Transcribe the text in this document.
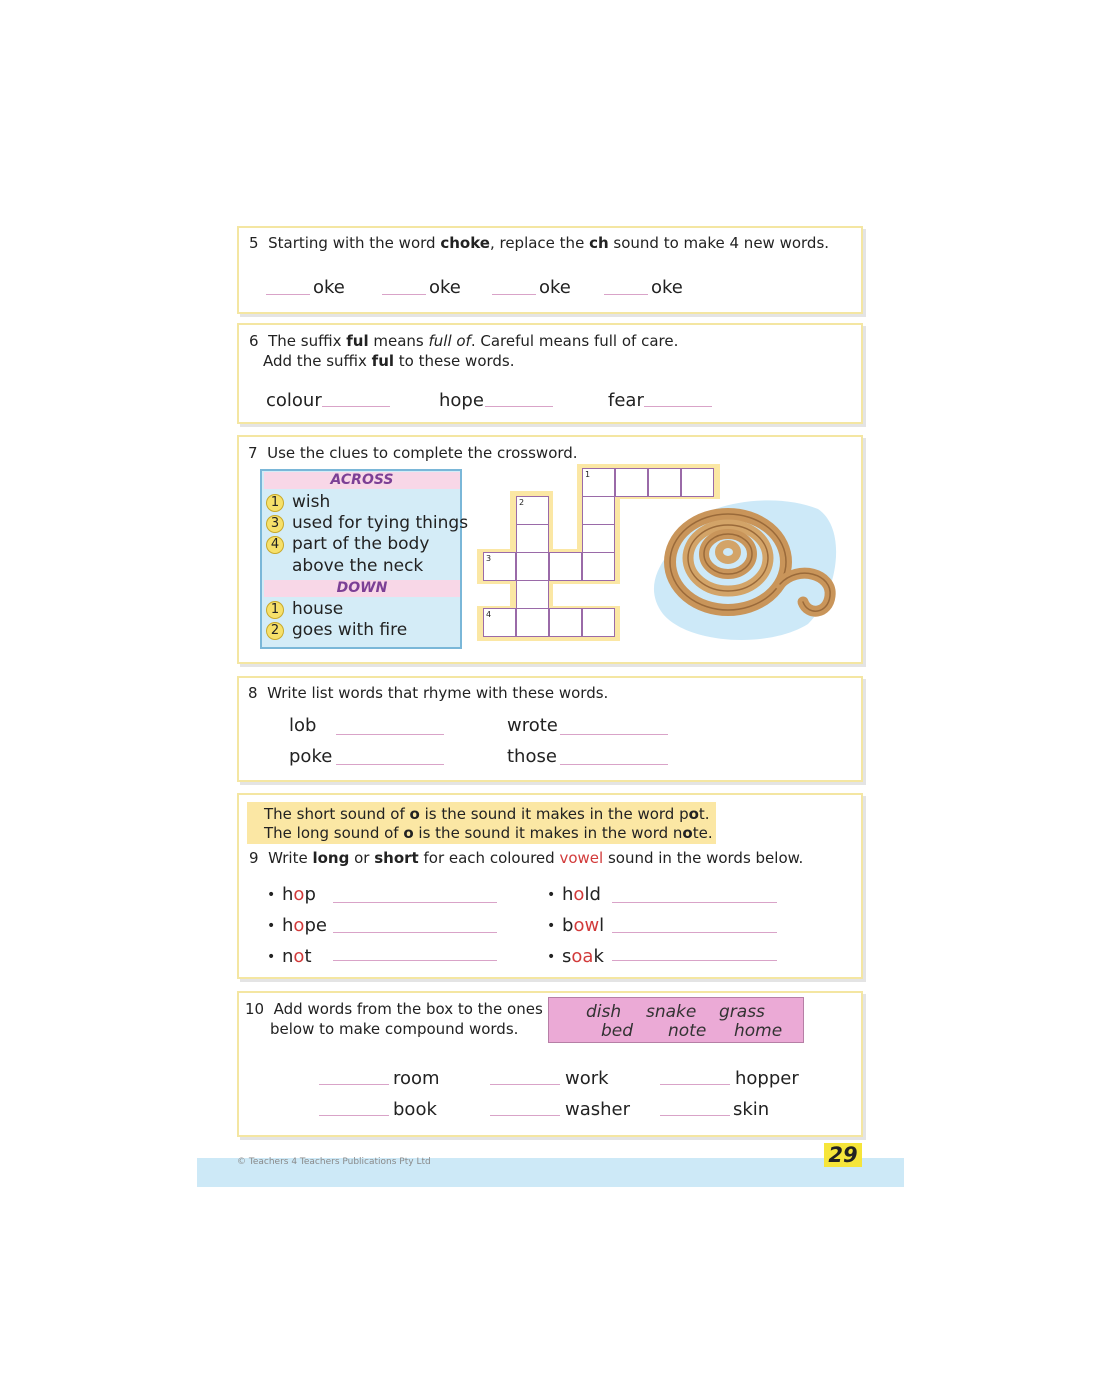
5 Starting with the word choke, replace the ch sound to make 4 new words.
oke	oke	oke	oke
6 The suffix ful means full of. Careful means full of care.
Add the suffix ful to these words.
colour	hope	fear
7 Use the clues to complete the crossword.
ACROSS
1 wish
3 used for tying things
4 part of the body
above the neck
DOWN
1 house
2 goes with fire
1
2
3
4
8 Write list words that rhyme with these words.
lob	wrote
poke	those
The short sound of o is the sound it makes in the word pot.
The long sound of o is the sound it makes in the word note.
9 Write long or short for each coloured vowel sound in the words below.
• hop
• hope
• not
• hold
• bowl
• soak
10 Add words from the box to the ones
below to make compound words.
dish snake grass
bed note home
room	work	hopper
book	washer	skin
© Teachers 4 Teachers Publications Pty Ltd	29
